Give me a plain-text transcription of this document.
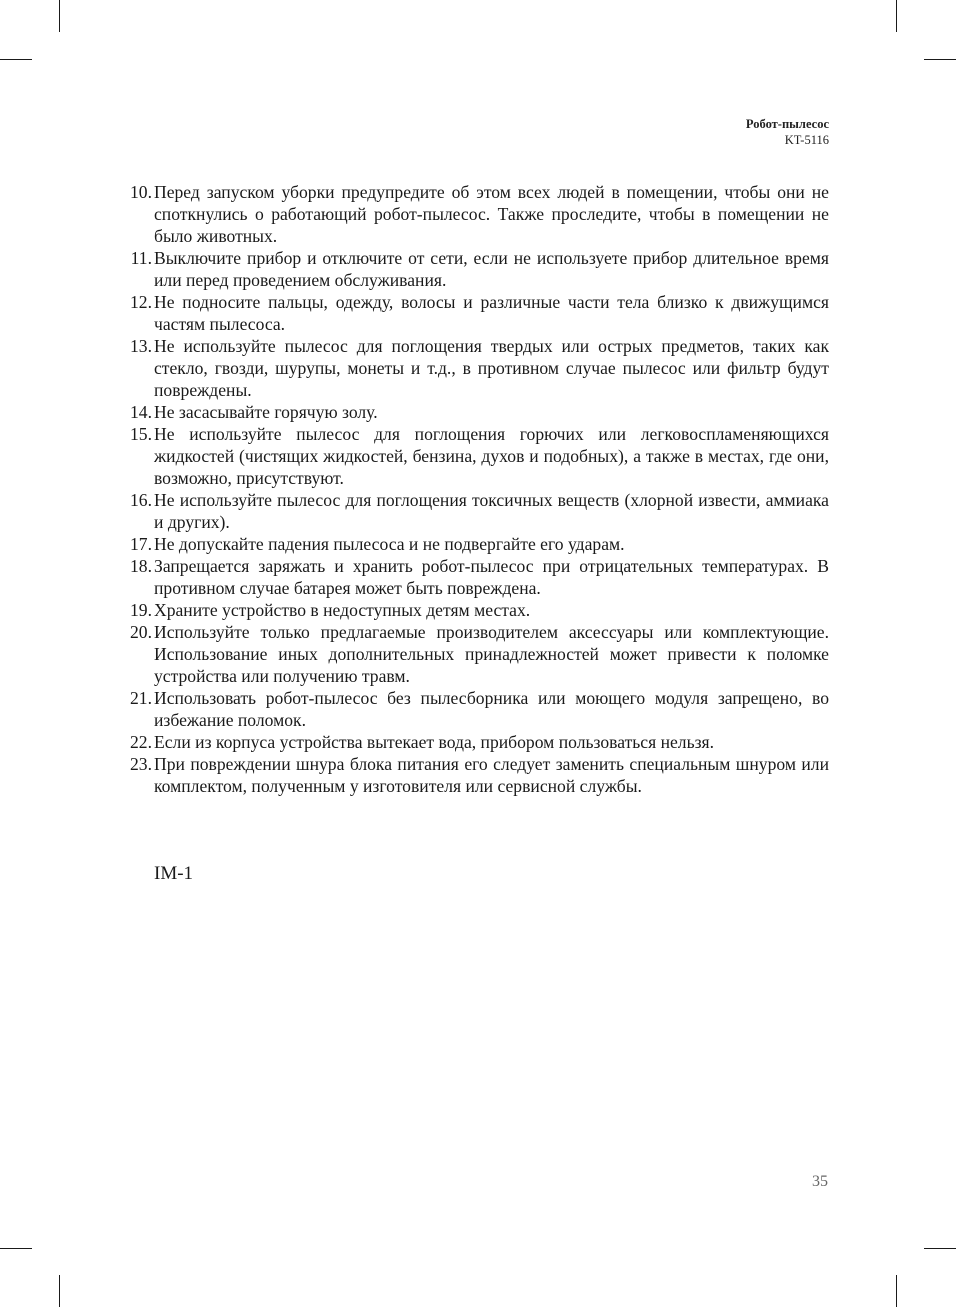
Робот-пылесос
KT-5116
10. Перед запуском уборки предупредите об этом всех людей в помещении, чтобы они не споткнулись о работающий робот-пылесос. Также проследите, чтобы в помещении не было животных.
11. Выключите прибор и отключите от сети, если не используете прибор длительное время или перед проведением обслуживания.
12. Не подносите пальцы, одежду, волосы и различные части тела близко к движущимся частям пылесоса.
13. Не используйте пылесос для поглощения твердых или острых предметов, таких как стекло, гвозди, шурупы, монеты и т.д., в противном случае пылесос или фильтр будут повреждены.
14. Не засасывайте горячую золу.
15. Не используйте пылесос для поглощения горючих или легковоспламеняющихся жидкостей (чистящих жидкостей, бензина, духов и подобных), а также в местах, где они, возможно, присутствуют.
16. Не используйте пылесос для поглощения токсичных веществ (хлорной извести, аммиака и других).
17. Не допускайте падения пылесоса и не подвергайте его ударам.
18. Запрещается заряжать и хранить робот-пылесос при отрицательных температурах. В противном случае батарея может быть повреждена.
19. Храните устройство в недоступных детям местах.
20. Используйте только предлагаемые производителем аксессуары или комплектующие. Использование иных дополнительных принадлежностей может привести к поломке устройства или получению травм.
21. Использовать робот-пылесос без пылесборника или моющего модуля запрещено, во избежание поломок.
22. Если из корпуса устройства вытекает вода, прибором пользоваться нельзя.
23. При повреждении шнура блока питания его следует заменить специальным шнуром или комплектом, полученным у изготовителя или сервисной службы.
IM-1
35
